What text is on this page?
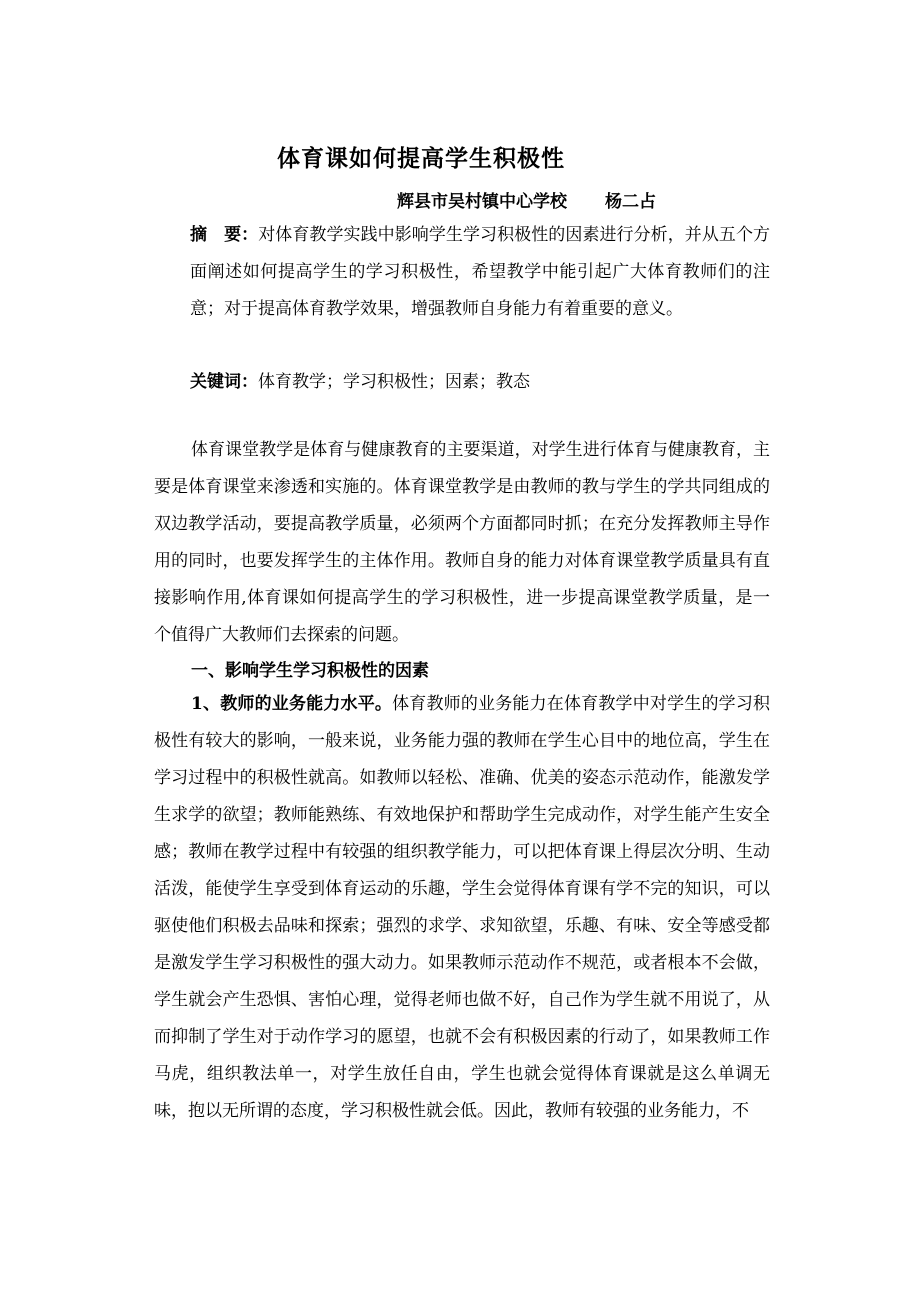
体育课如何提高学生积极性
辉县市吴村镇中心学校 杨二占
摘　要：对体育教学实践中影响学生学习积极性的因素进行分析，并从五个方面阐述如何提高学生的学习积极性，希望教学中能引起广大体育教师们的注意；对于提高体育教学效果，增强教师自身能力有着重要的意义。
关键词：体育教学；学习积极性；因素；教态
体育课堂教学是体育与健康教育的主要渠道，对学生进行体育与健康教育，主要是体育课堂来渗透和实施的。体育课堂教学是由教师的教与学生的学共同组成的双边教学活动，要提高教学质量，必须两个方面都同时抓；在充分发挥教师主导作用的同时，也要发挥学生的主体作用。教师自身的能力对体育课堂教学质量具有直接影响作用,体育课如何提高学生的学习积极性，进一步提高课堂教学质量，是一个值得广大教师们去探索的问题。
一、影响学生学习积极性的因素
1、教师的业务能力水平。体育教师的业务能力在体育教学中对学生的学习积极性有较大的影响，一般来说，业务能力强的教师在学生心目中的地位高，学生在学习过程中的积极性就高。如教师以轻松、准确、优美的姿态示范动作，能激发学生求学的欲望；教师能熟练、有效地保护和帮助学生完成动作，对学生能产生安全感；教师在教学过程中有较强的组织教学能力，可以把体育课上得层次分明、生动活泼，能使学生享受到体育运动的乐趣，学生会觉得体育课有学不完的知识，可以驱使他们积极去品味和探索；强烈的求学、求知欲望，乐趣、有味、安全等感受都是激发学生学习积极性的强大动力。如果教师示范动作不规范，或者根本不会做，学生就会产生恐惧、害怕心理，觉得老师也做不好，自己作为学生就不用说了，从而抑制了学生对于动作学习的愿望，也就不会有积极因素的行动了，如果教师工作马虎，组织教法单一，对学生放任自由，学生也就会觉得体育课就是这么单调无味，抱以无所谓的态度，学习积极性就会低。因此，教师有较强的业务能力，不
